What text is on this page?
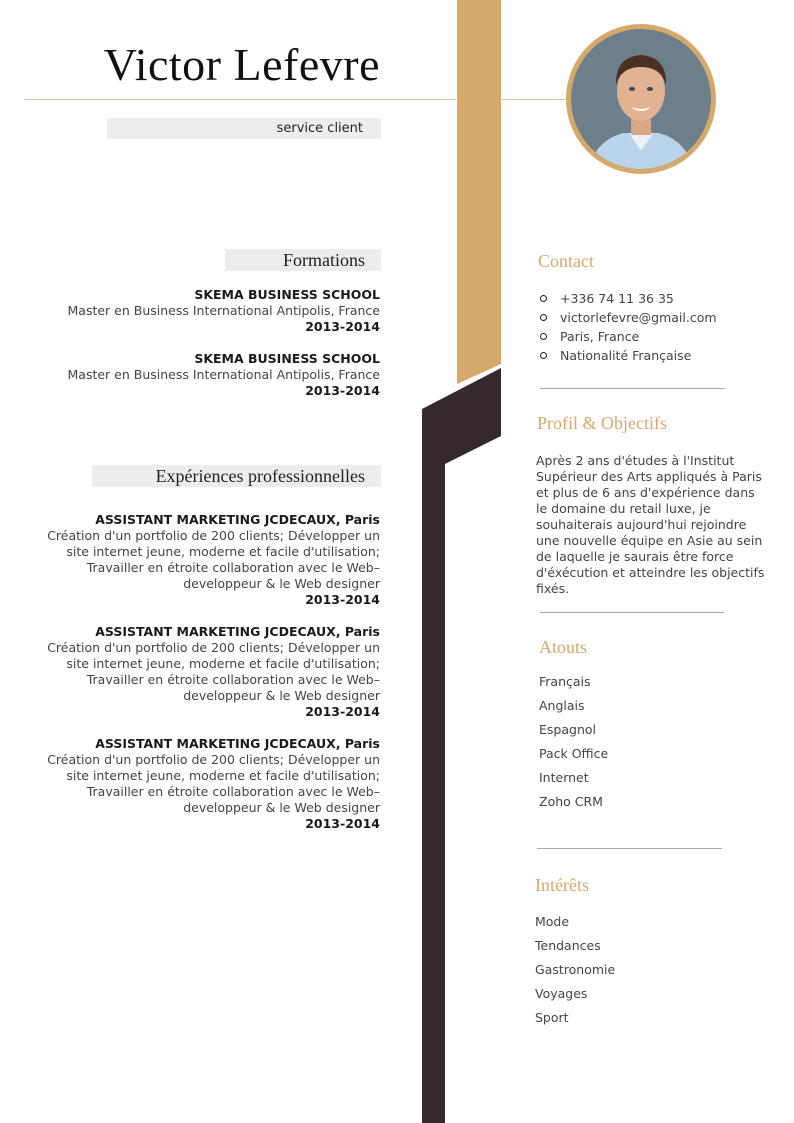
Victor Lefevre
service client
Formations
SKEMA BUSINESS SCHOOL
Master en Business International Antipolis, France
2013-2014
SKEMA BUSINESS SCHOOL
Master en Business International Antipolis, France
2013-2014
Expériences professionnelles
ASSISTANT MARKETING JCDECAUX, Paris
Création d'un portfolio de 200 clients; Développer un site internet jeune, moderne et facile d'utilisation; Travailler en étroite collaboration avec le Web– developpeur & le Web designer
2013-2014
ASSISTANT MARKETING JCDECAUX, Paris
Création d'un portfolio de 200 clients; Développer un site internet jeune, moderne et facile d'utilisation; Travailler en étroite collaboration avec le Web– developpeur & le Web designer
2013-2014
ASSISTANT MARKETING JCDECAUX, Paris
Création d'un portfolio de 200 clients; Développer un site internet jeune, moderne et facile d'utilisation; Travailler en étroite collaboration avec le Web– developpeur & le Web designer
2013-2014
Contact
+336 74 11 36 35
victorlefevre@gmail.com
Paris, France
Nationalité Française
Profil & Objectifs
Après 2 ans d'études à l'Institut Supérieur des Arts appliqués à Paris et plus de 6 ans d'expérience dans le domaine du retail luxe, je souhaiterais aujourd'hui rejoindre une nouvelle équipe en Asie au sein de laquelle je saurais être force d'éxécution et atteindre les objectifs fixés.
Atouts
Français
Anglais
Espagnol
Pack Office
Internet
Zoho CRM
Intérêts
Mode
Tendances
Gastronomie
Voyages
Sport
